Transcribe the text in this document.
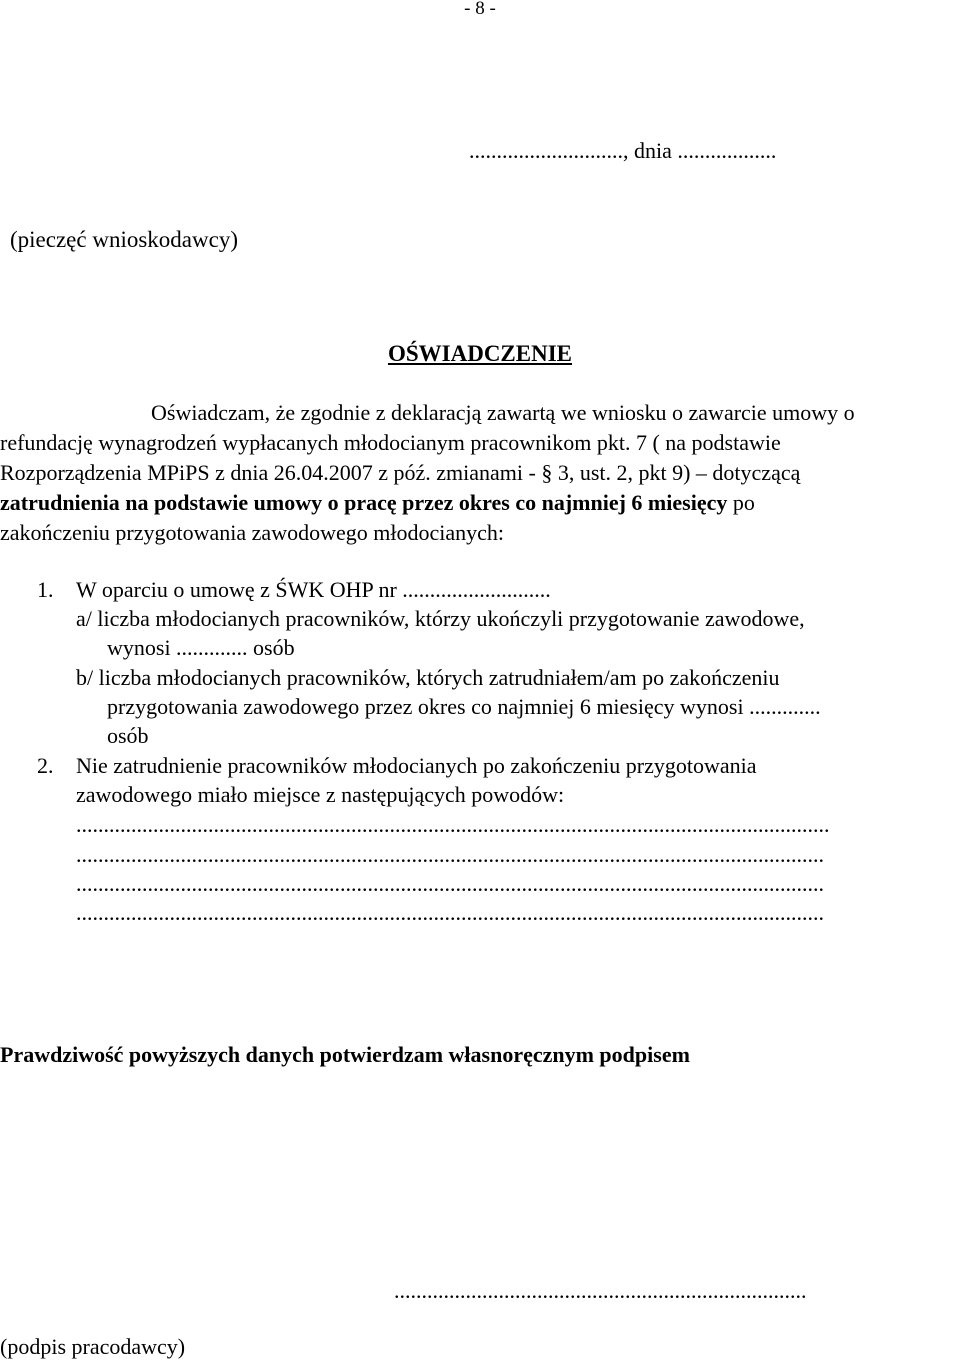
- 8 -
............................, dnia ..................
(pieczęć wnioskodawcy)
OŚWIADCZENIE
Oświadczam, że zgodnie z deklaracją zawartą we wniosku o zawarcie umowy o
refundację wynagrodzeń wypłacanych młodocianym pracownikom pkt. 7 ( na podstawie
Rozporządzenia MPiPS z dnia 26.04.2007 z póź. zmianami - § 3, ust. 2, pkt 9) – dotyczącą
zatrudnienia na podstawie umowy o pracę przez okres co najmniej 6 miesięcy po
zakończeniu przygotowania zawodowego młodocianych:
1. W oparciu o umowę z ŚWK OHP nr ...........................
a/ liczba młodocianych pracowników, którzy ukończyli przygotowanie zawodowe,
wynosi ............. osób
b/ liczba młodocianych pracowników, których zatrudniałem/am po zakończeniu
przygotowania zawodowego przez okres co najmniej 6 miesięcy wynosi .............
osób
2. Nie zatrudnienie pracowników młodocianych po zakończeniu przygotowania
zawodowego miało miejsce z następujących powodów:
.........................................................................................................................................
........................................................................................................................................
........................................................................................................................................
........................................................................................................................................
Prawdziwość powyższych danych potwierdzam własnoręcznym podpisem
...........................................................................
(podpis pracodawcy)
